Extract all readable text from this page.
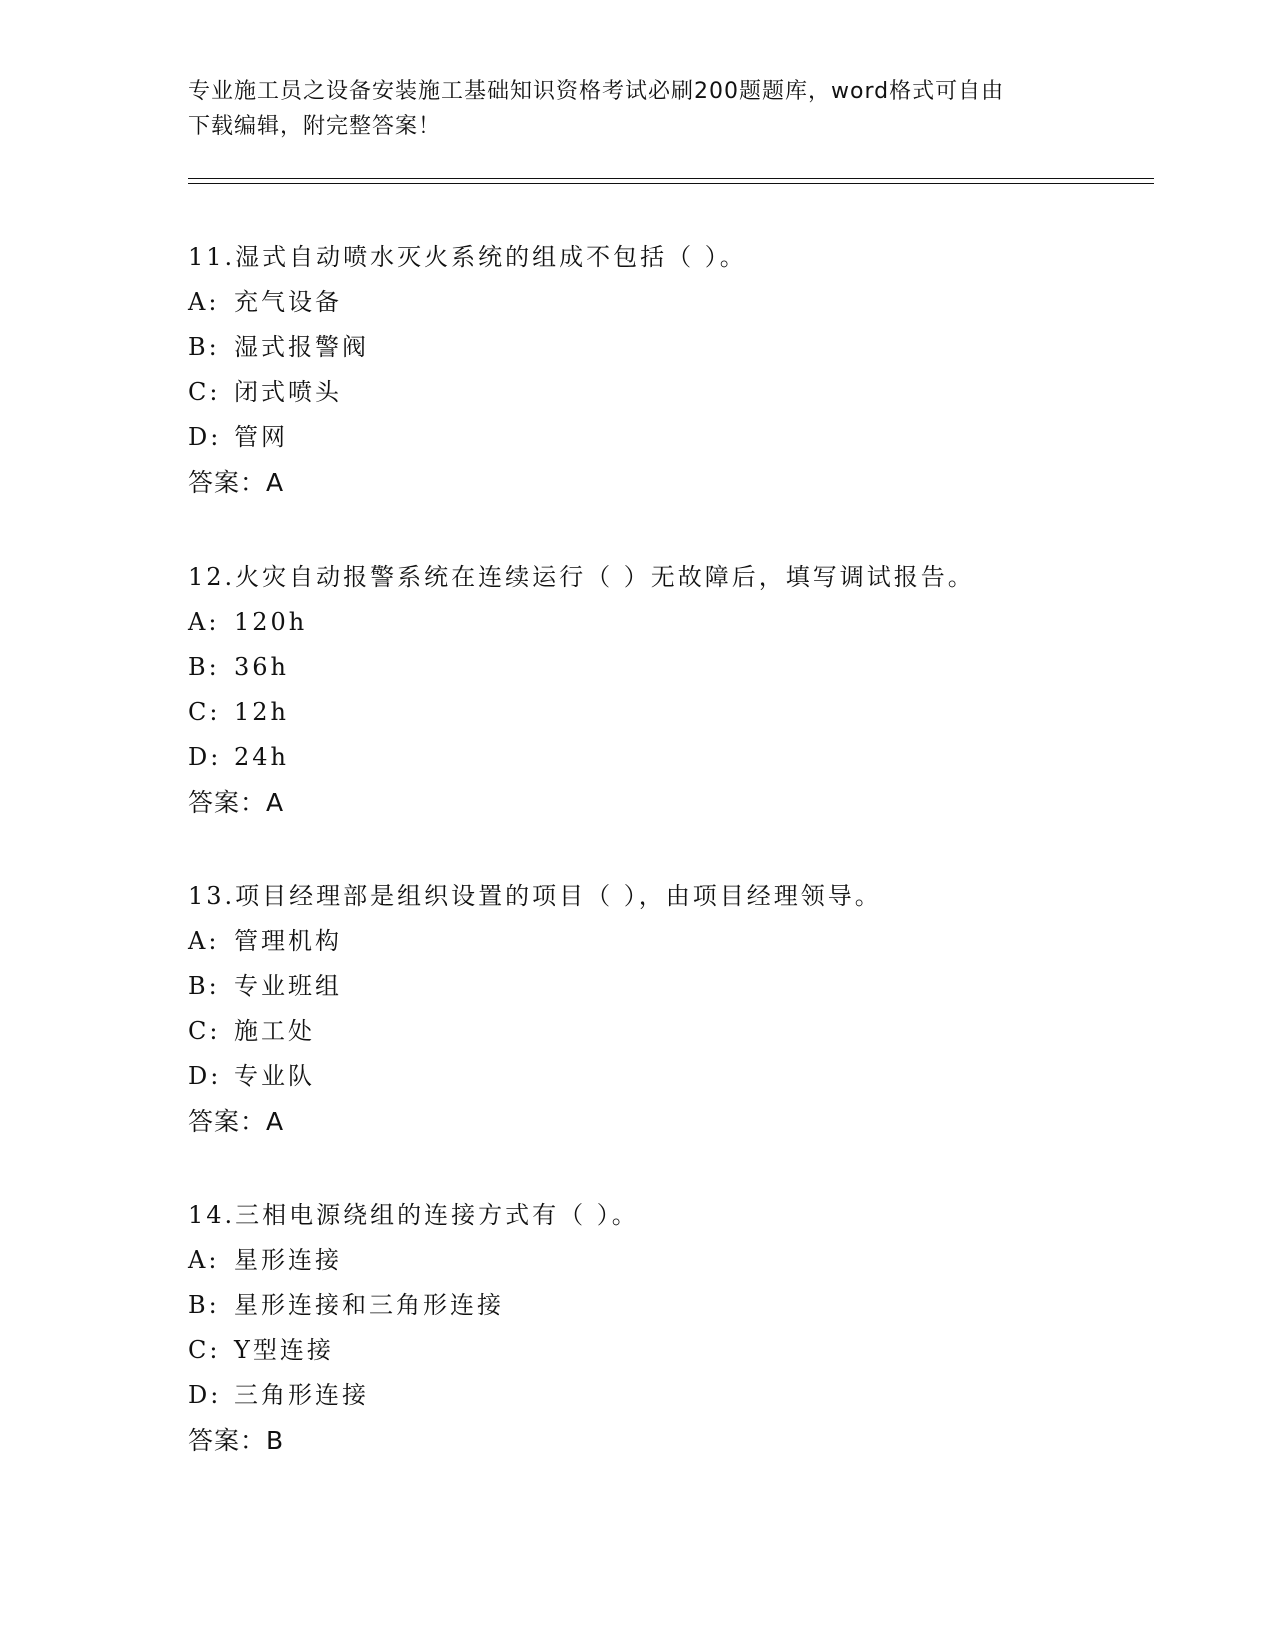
专业施工员之设备安装施工基础知识资格考试必刷200题题库，word格式可自由
下载编辑，附完整答案！
11.湿式自动喷水灭火系统的组成不包括（ ）。
A: 充气设备
B: 湿式报警阀
C: 闭式喷头
D: 管网
答案：A
12.火灾自动报警系统在连续运行（ ）无故障后，填写调试报告。
A: 120h
B: 36h
C: 12h
D: 24h
答案：A
13.项目经理部是组织设置的项目（ ），由项目经理领导。
A: 管理机构
B: 专业班组
C: 施工处
D: 专业队
答案：A
14.三相电源绕组的连接方式有（ ）。
A: 星形连接
B: 星形连接和三角形连接
C: Y型连接
D: 三角形连接
答案：B
